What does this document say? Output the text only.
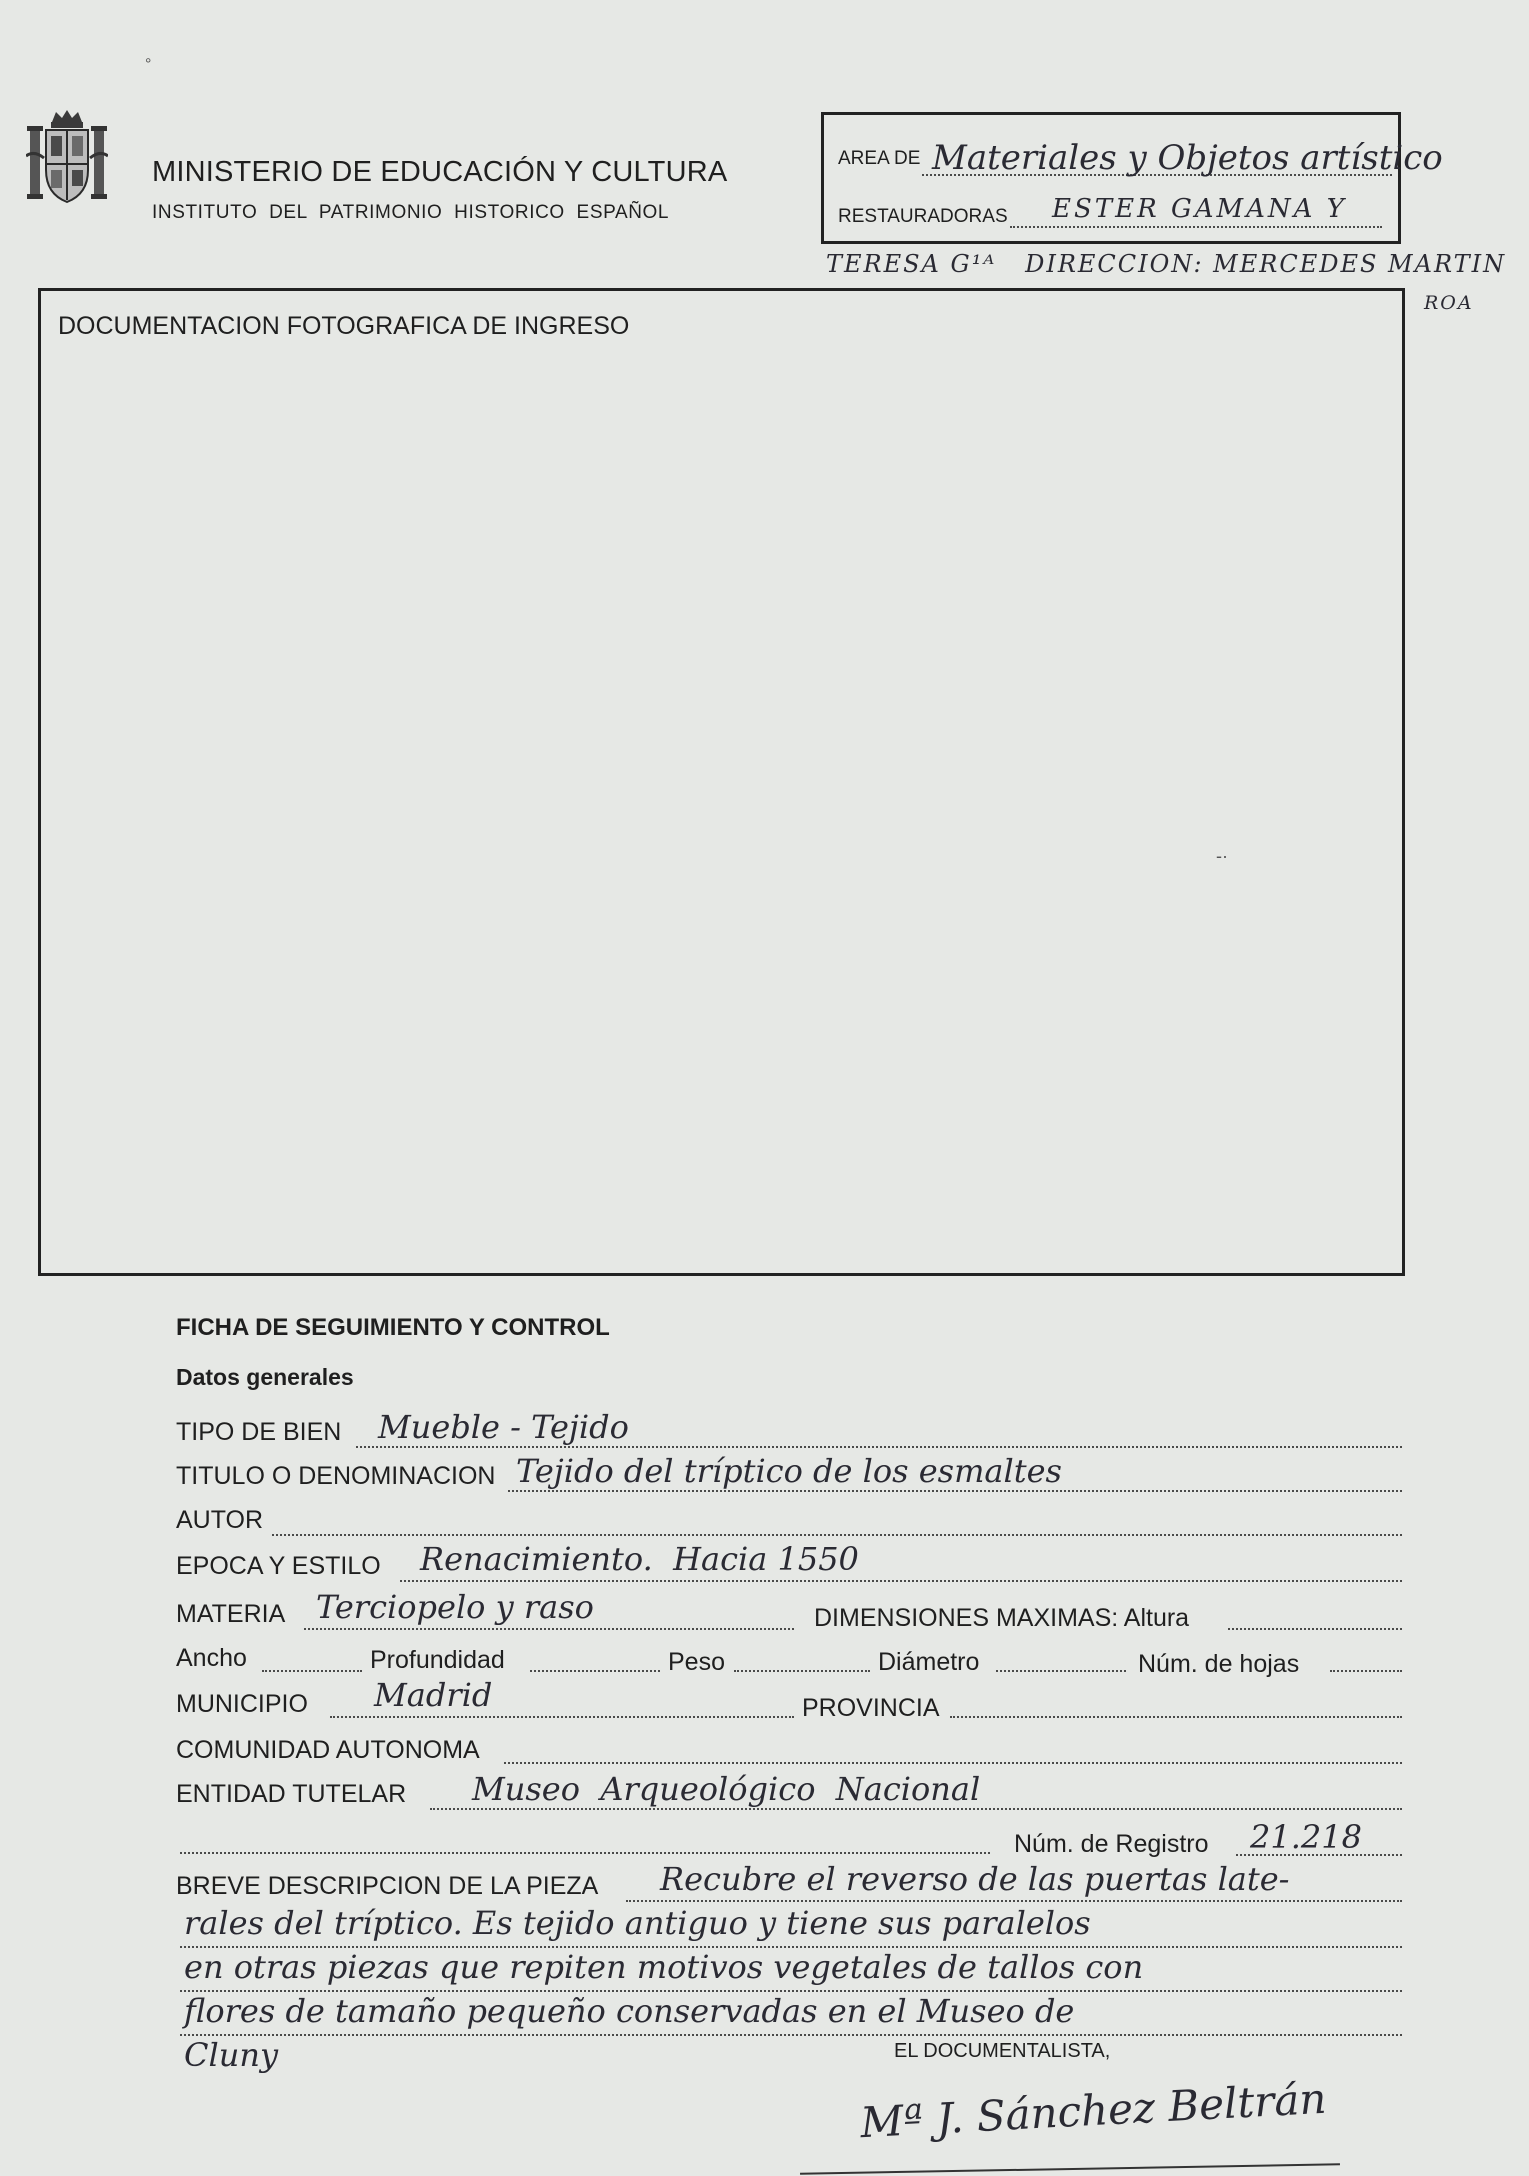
°
MINISTERIO DE EDUCACIÓN Y CULTURA
INSTITUTO  DEL  PATRIMONIO  HISTORICO  ESPAÑOL
AREA DE Materiales y Objetos artístico
RESTAURADORAS ESTER GAMANA Y
TERESA G¹ᴬ   DIRECCION: MERCEDES MARTIN
ROA
DOCUMENTACION FOTOGRAFICA DE INGRESO
-·
FICHA DE SEGUIMIENTO Y CONTROL
Datos generales
TIPO DE BIEN Mueble - Tejido
TITULO O DENOMINACION Tejido del tríptico de los esmaltes
AUTOR
EPOCA Y ESTILO Renacimiento.  Hacia 1550
MATERIA Terciopelo y raso	DIMENSIONES MAXIMAS: Altura
Ancho	Profundidad	Peso	Diámetro	Núm. de hojas
MUNICIPIO Madrid	PROVINCIA
COMUNIDAD AUTONOMA
ENTIDAD TUTELAR Museo  Arqueológico  Nacional
Núm. de Registro 21.218
BREVE DESCRIPCION DE LA PIEZA Recubre el reverso de las puertas late-
rales del tríptico. Es tejido antiguo y tiene sus paralelos
en otras piezas que repiten motivos vegetales de tallos con
flores de tamaño pequeño conservadas en el Museo de
Cluny	EL DOCUMENTALISTA,
Mª J. Sánchez Beltrán
